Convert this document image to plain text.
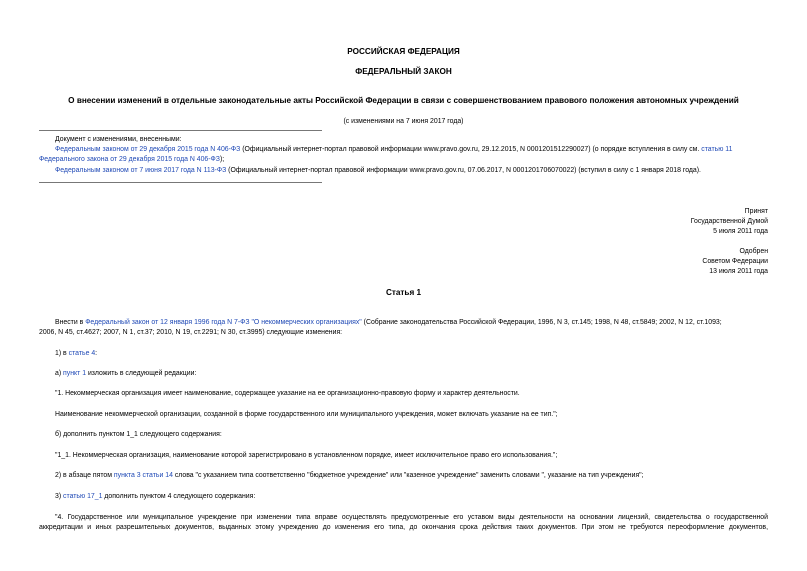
РОССИЙСКАЯ ФЕДЕРАЦИЯ
ФЕДЕРАЛЬНЫЙ ЗАКОН
О внесении изменений в отдельные законодательные акты Российской Федерации в связи с совершенствованием правового положения автономных учреждений
(с изменениями на 7 июня 2017 года)
Документ с изменениями, внесенными:
Федеральным законом от 29 декабря 2015 года N 406-ФЗ (Официальный интернет-портал правовой информации www.pravo.gov.ru, 29.12.2015, N 0001201512290027) (о порядке вступления в силу см. статью 11
Федерального закона от 29 декабря 2015 года N 406-ФЗ);
Федеральным законом от 7 июня 2017 года N 113-ФЗ (Официальный интернет-портал правовой информации www.pravo.gov.ru, 07.06.2017, N 0001201706070022) (вступил в силу с 1 января 2018 года).
Принят
Государственной Думой
5 июля 2011 года
Одобрен
Советом Федерации
13 июля 2011 года
Статья 1
Внести в Федеральный закон от 12 января 1996 года N 7-ФЗ "О некоммерческих организациях" (Собрание законодательства Российской Федерации, 1996, N 3, ст.145; 1998, N 48, ст.5849; 2002, N 12, ст.1093;
2006, N 45, ст.4627; 2007, N 1, ст.37; 2010, N 19, ст.2291; N 30, ст.3995) следующие изменения:
1) в статье 4:
а) пункт 1 изложить в следующей редакции:
"1. Некоммерческая организация имеет наименование, содержащее указание на ее организационно-правовую форму и характер деятельности.
Наименование некоммерческой организации, созданной в форме государственного или муниципального учреждения, может включать указание на ее тип.";
б) дополнить пунктом 1_1 следующего содержания:
"1_1. Некоммерческая организация, наименование которой зарегистрировано в установленном порядке, имеет исключительное право его использования.";
2) в абзаце пятом пункта 3 статьи 14 слова "с указанием типа соответственно "бюджетное учреждение" или "казенное учреждение" заменить словами ", указание на тип учреждения";
3) статью 17_1 дополнить пунктом 4 следующего содержания:
"4. Государственное или муниципальное учреждение при изменении типа вправе осуществлять предусмотренные его уставом виды деятельности на основании лицензий, свидетельства о государственной
аккредитации и иных разрешительных документов, выданных этому учреждению до изменения его типа, до окончания срока действия таких документов. При этом не требуются переоформление документов,
